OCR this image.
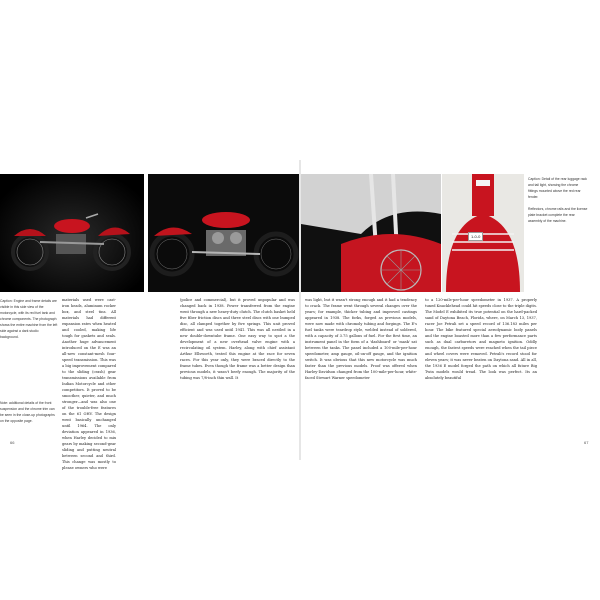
1-0-0
Caption: Engine and frame details are visible in this side view of the motorcycle, with its red fuel tank and chrome components. The photograph shows the entire machine from the left side against a dark studio background.
Note: additional details of the front suspension and the chrome trim can be seen in the close-up photographs on the opposite page.
Caption: Detail of the rear luggage rack and tail light, showing the chrome fittings mounted above the red rear fender.
Reflectors, chrome rails and the license plate bracket complete the rear assembly of the machine.

materials used were cast-iron heads, aluminum rocker box, and steel tins. All materials had different expansion rates when heated and cooled, making life tough for gaskets and seals. Another huge advancement introduced on the E was an all-new constant-mesh four-speed transmission. This was a big improvement compared to the sliding (crash) gear transmissions available from Indian Motorcycle and other competitors. It proved to be smoother, quieter, and much stronger—and was also one of the trouble-free features on the 61 OHV. The design went basically unchanged until 1964. The only deviation appeared in 1936, when Harley decided to mix gears by making second-gear sliding and putting neutral between second and third. This change was mostly to please owners who were

(police and commercial), but it proved unpopular and was changed back in 1938. Power transferred from the engine went through a new heavy-duty clutch. The clutch basket held five fiber friction discs and three steel discs with one bumped disc, all clamped together by five springs. This unit proved efficient and was used until 1941. This was all nestled in a new double-downtube frame. One easy way to spot a the development of a new overhead valve engine with a recirculating oil system. Harley, along with chief assistant Arthur Ellsworth, tested this engine at the race for seven races. For this year only, they were braced directly to the frame tubes. Even though the frame was a better design than previous models, it wasn't beefy enough. The majority of the tubing was 7/8-inch thin wall. It

was light, but it wasn't strong enough and it had a tendency to crack. The frame went through several changes over the years; for example, thicker tubing and improved castings appeared in 1938. The forks, forged as previous models, were now made with chromoly tubing and forgings. The E's fuel tanks were teardrop style, welded instead of soldered, with a capacity of 3.75 gallons of fuel. For the first time, an instrument panel in the form of a 'dashboard' or 'mask' sat between the tanks. The panel included a 100-mile-per-hour speedometer, amp gauge, oil-on-off gauge, and the ignition switch. It was obvious that this new motorcycle was much faster than the previous models. Proof was offered when Harley-Davidson changed from the 100-mile-per-hour, white-faced Stewart Warner speedometer

to a 120-mile-per-hour speedometer in 1937. A properly tuned Knucklehead could hit speeds close to the triple digits. The Model E exhibited its true potential on the hard-packed sand of Daytona Beach, Florida, where, on March 13, 1937, racer Joe Petrali set a speed record of 136.183 miles per hour. The bike featured special aerodynamic body panels and the engine boasted more than a few performance parts such as dual carburetors and magneto ignition. Oddly enough, the fastest speeds were reached when the tail piece and wheel covers were removed. Petrali's record stood for eleven years; it was never beaten on Daytona sand. All in all, the 1936 E model forged the path on which all future Big Twin models would tread. The look was perfect. Its an absolutely beautiful

66	67
